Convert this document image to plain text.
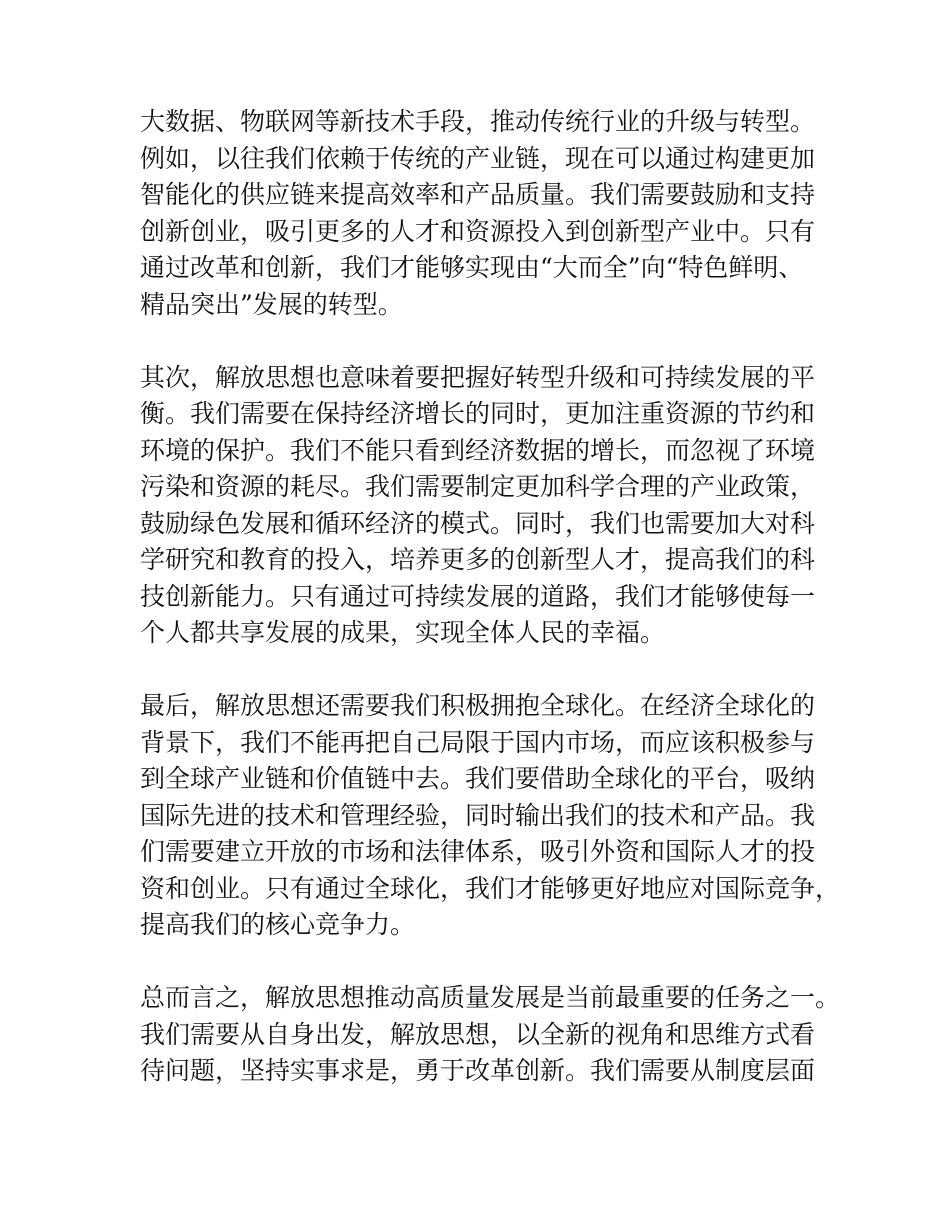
大数据、物联网等新技术手段，推动传统行业的升级与转型。
例如，以往我们依赖于传统的产业链，现在可以通过构建更加
智能化的供应链来提高效率和产品质量。我们需要鼓励和支持
创新创业，吸引更多的人才和资源投入到创新型产业中。只有
通过改革和创新，我们才能够实现由“大而全”向“特色鲜明、
精品突出”发展的转型。

其次，解放思想也意味着要把握好转型升级和可持续发展的平
衡。我们需要在保持经济增长的同时，更加注重资源的节约和
环境的保护。我们不能只看到经济数据的增长，而忽视了环境
污染和资源的耗尽。我们需要制定更加科学合理的产业政策，
鼓励绿色发展和循环经济的模式。同时，我们也需要加大对科
学研究和教育的投入，培养更多的创新型人才，提高我们的科
技创新能力。只有通过可持续发展的道路，我们才能够使每一
个人都共享发展的成果，实现全体人民的幸福。

最后，解放思想还需要我们积极拥抱全球化。在经济全球化的
背景下，我们不能再把自己局限于国内市场，而应该积极参与
到全球产业链和价值链中去。我们要借助全球化的平台，吸纳
国际先进的技术和管理经验，同时输出我们的技术和产品。我
们需要建立开放的市场和法律体系，吸引外资和国际人才的投
资和创业。只有通过全球化，我们才能够更好地应对国际竞争，
提高我们的核心竞争力。

总而言之，解放思想推动高质量发展是当前最重要的任务之一。
我们需要从自身出发，解放思想，以全新的视角和思维方式看
待问题，坚持实事求是，勇于改革创新。我们需要从制度层面
